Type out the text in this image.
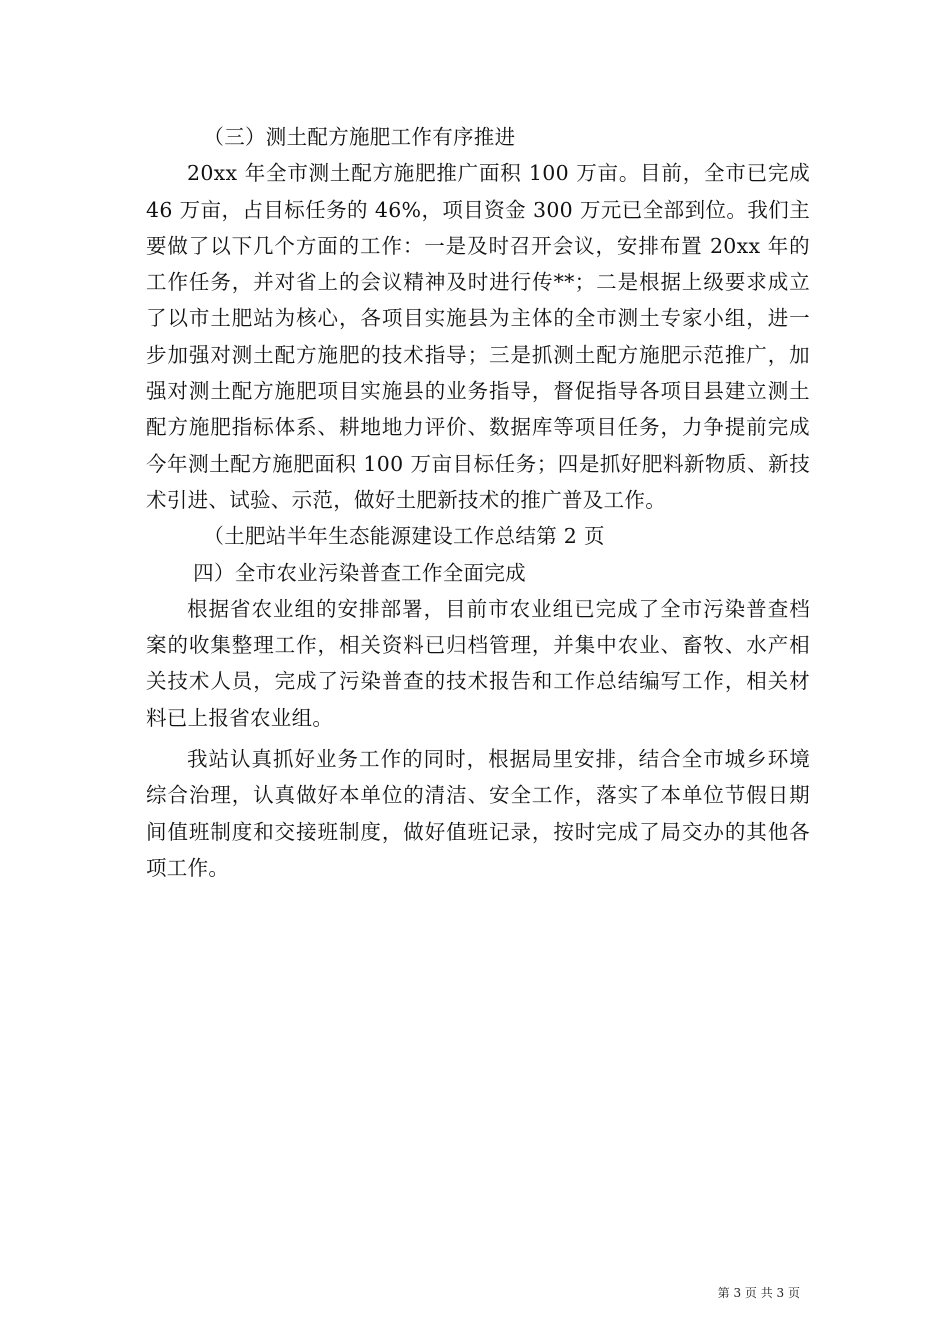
（三）测土配方施肥工作有序推进

20xx 年全市测土配方施肥推广面积 100 万亩。目前，全市已完成 46 万亩，占目标任务的 46%，项目资金 300 万元已全部到位。我们主要做了以下几个方面的工作：一是及时召开会议，安排布置 20xx 年的工作任务，并对省上的会议精神及时进行传**；二是根据上级要求成立了以市土肥站为核心，各项目实施县为主体的全市测土专家小组，进一步加强对测土配方施肥的技术指导；三是抓测土配方施肥示范推广，加强对测土配方施肥项目实施县的业务指导，督促指导各项目县建立测土配方施肥指标体系、耕地地力评价、数据库等项目任务，力争提前完成今年测土配方施肥面积 100 万亩目标任务；四是抓好肥料新物质、新技术引进、试验、示范，做好土肥新技术的推广普及工作。

（土肥站半年生态能源建设工作总结第 2 页

四）全市农业污染普查工作全面完成

根据省农业组的安排部署，目前市农业组已完成了全市污染普查档案的收集整理工作，相关资料已归档管理，并集中农业、畜牧、水产相关技术人员，完成了污染普查的技术报告和工作总结编写工作，相关材料已上报省农业组。

我站认真抓好业务工作的同时，根据局里安排，结合全市城乡环境综合治理，认真做好本单位的清洁、安全工作，落实了本单位节假日期间值班制度和交接班制度，做好值班记录，按时完成了局交办的其他各项工作。

第 3 页 共 3 页
